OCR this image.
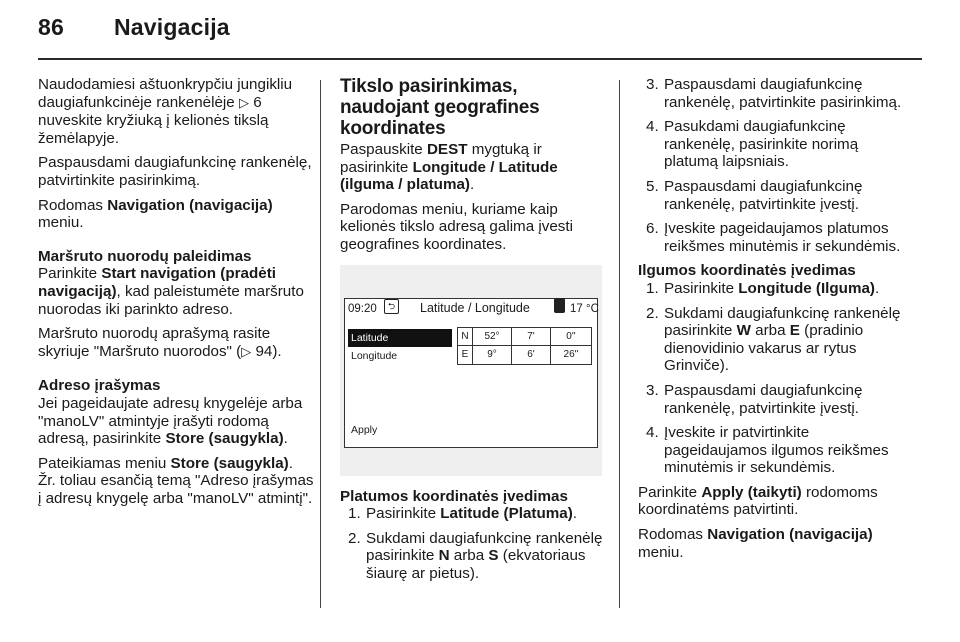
86 Navigacija

Naudodamiesi aštuonkrypčiu jungikliu daugiafunkcinėje rankenėlėje ▷ 6 nuveskite kryžiuką į kelionės tikslą žemėlapyje.

Paspausdami daugiafunkcinę rankenėlę, patvirtinkite pasirinkimą.

Rodomas Navigation (navigacija) meniu.

Maršruto nuorodų paleidimas

Parinkite Start navigation (pradėti navigaciją), kad paleistumėte maršruto nuorodas iki parinkto adreso.

Maršruto nuorodų aprašymą rasite skyriuje "Maršruto nuorodos" (▷ 94).

Adreso įrašymas

Jei pageidaujate adresų knygelėje arba "manoLV" atmintyje įrašyti rodomą adresą, pasirinkite Store (saugykla).

Pateikiamas meniu Store (saugykla). Žr. toliau esančią temą "Adreso įrašymas į adresų knygelę arba "manoLV" atmintį".

Tikslo pasirinkimas, naudojant geografines koordinates

Paspauskite DEST mygtuką ir pasirinkite Longitude / Latitude (ilguma / platuma).

Parodomas meniu, kuriame kaip kelionės tikslo adresą galima įvesti geografines koordinates.

09:20	⮌	Latitude / Longitude	17 °C
Latitude
Longitude
Apply
N	52°	7'	0''
E	9°	6'	26''
Platumos koordinatės įvedimas
1. Pasirinkite Latitude (Platuma).
2. Sukdami daugiafunkcinę rankenėlę pasirinkite N arba S (ekvatoriaus šiaurę ar pietus).
3. Paspausdami daugiafunkcinę rankenėlę, patvirtinkite pasirinkimą.
4. Pasukdami daugiafunkcinę rankenėlę, pasirinkite norimą platumą laipsniais.
5. Paspausdami daugiafunkcinę rankenėlę, patvirtinkite įvestį.
6. Įveskite pageidaujamos platumos reikšmes minutėmis ir sekundėmis.
Ilgumos koordinatės įvedimas
1. Pasirinkite Longitude (Ilguma).
2. Sukdami daugiafunkcinę rankenėlę pasirinkite W arba E (pradinio dienovidinio vakarus ar rytus Grinviče).
3. Paspausdami daugiafunkcinę rankenėlę, patvirtinkite įvestį.
4. Įveskite ir patvirtinkite pageidaujamos ilgumos reikšmes minutėmis ir sekundėmis.

Parinkite Apply (taikyti) rodomoms koordinatėms patvirtinti.

Rodomas Navigation (navigacija) meniu.
